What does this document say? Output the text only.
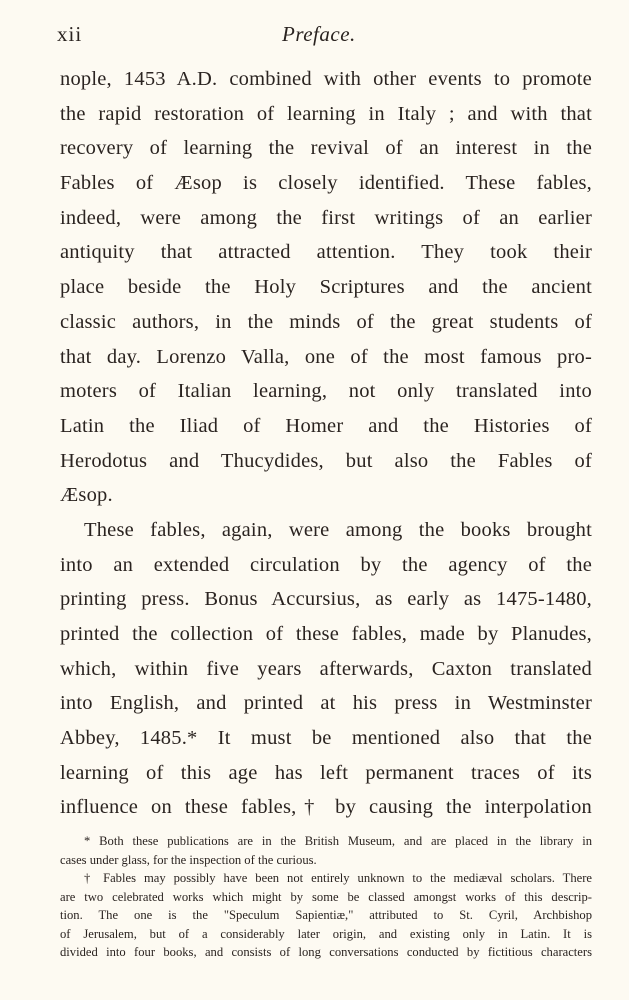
xii	Preface.
nople, 1453 A.D. combined with other events to promote
the rapid restoration of learning in Italy ; and with that
recovery of learning the revival of an interest in the
Fables of Æsop is closely identified. These fables,
indeed, were among the first writings of an earlier
antiquity that attracted attention. They took their
place beside the Holy Scriptures and the ancient
classic authors, in the minds of the great students of
that day. Lorenzo Valla, one of the most famous pro-
moters of Italian learning, not only translated into
Latin the Iliad of Homer and the Histories of
Herodotus and Thucydides, but also the Fables of
Æsop.
These fables, again, were among the books brought
into an extended circulation by the agency of the
printing press. Bonus Accursius, as early as 1475-1480,
printed the collection of these fables, made by Planudes,
which, within five years afterwards, Caxton translated
into English, and printed at his press in Westminster
Abbey, 1485.* It must be mentioned also that the
learning of this age has left permanent traces of its
influence on these fables,† by causing the interpolation
* Both these publications are in the British Museum, and are placed in the library in
cases under glass, for the inspection of the curious.
† Fables may possibly have been not entirely unknown to the mediæval scholars. There
are two celebrated works which might by some be classed amongst works of this descrip-
tion. The one is the "Speculum Sapientiæ," attributed to St. Cyril, Archbishop
of Jerusalem, but of a considerably later origin, and existing only in Latin. It is
divided into four books, and consists of long conversations conducted by fictitious characters
